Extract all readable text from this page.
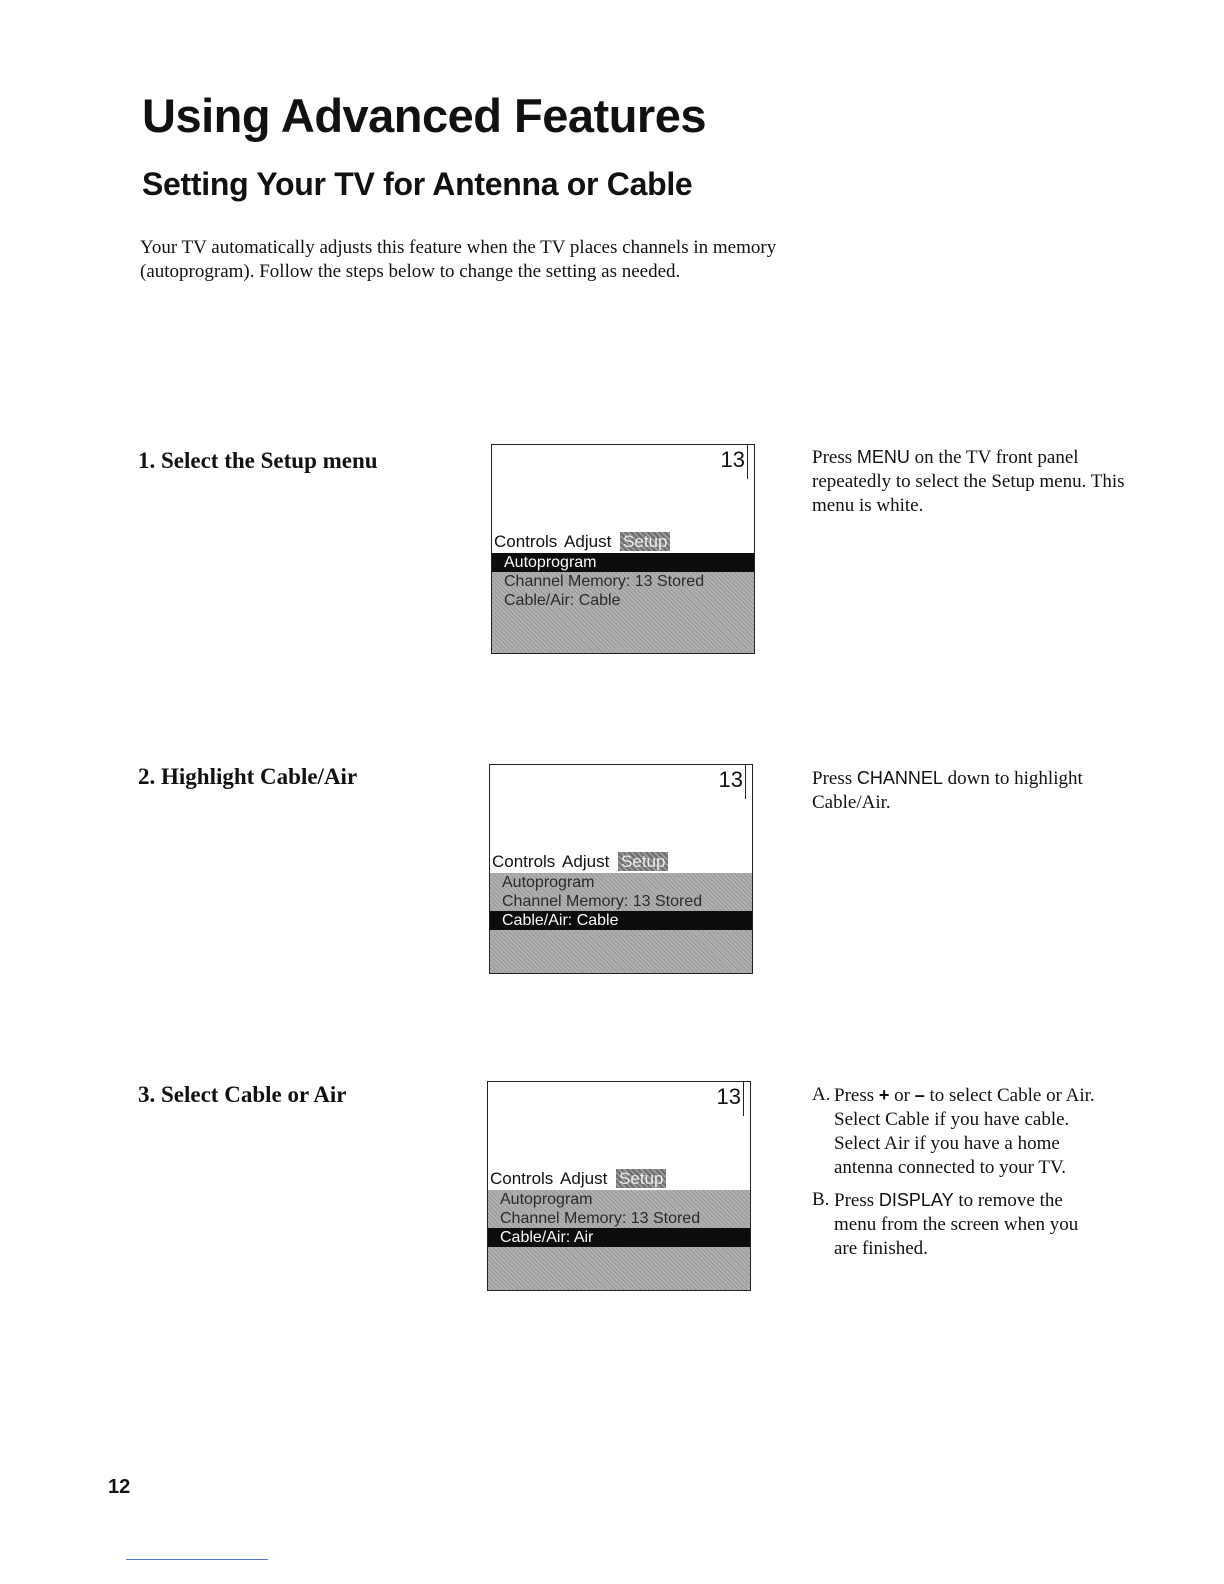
Using Advanced Features
Setting Your TV for Antenna or Cable

Your TV automatically adjusts this feature when the TV places channels in memory (autoprogram). Follow the steps below to change the setting as needed.

1. Select the Setup menu	13
Controls Adjust Setup
Autoprogram
Channel Memory: 13 Stored
Cable/Air: Cable

Press MENU on the TV front panel repeatedly to select the Setup menu. This menu is white.

2. Highlight Cable/Air	13
Controls Adjust Setup
Autoprogram
Channel Memory: 13 Stored
Cable/Air: Cable

Press CHANNEL down to highlight Cable/Air.

3. Select Cable or Air	13
Controls Adjust Setup
Autoprogram
Channel Memory: 13 Stored
Cable/Air: Air
A. Press + or – to select Cable or Air. Select Cable if you have cable. Select Air if you have a home antenna connected to your TV.
B. Press DISPLAY to remove the menu from the screen when you are finished.

12
